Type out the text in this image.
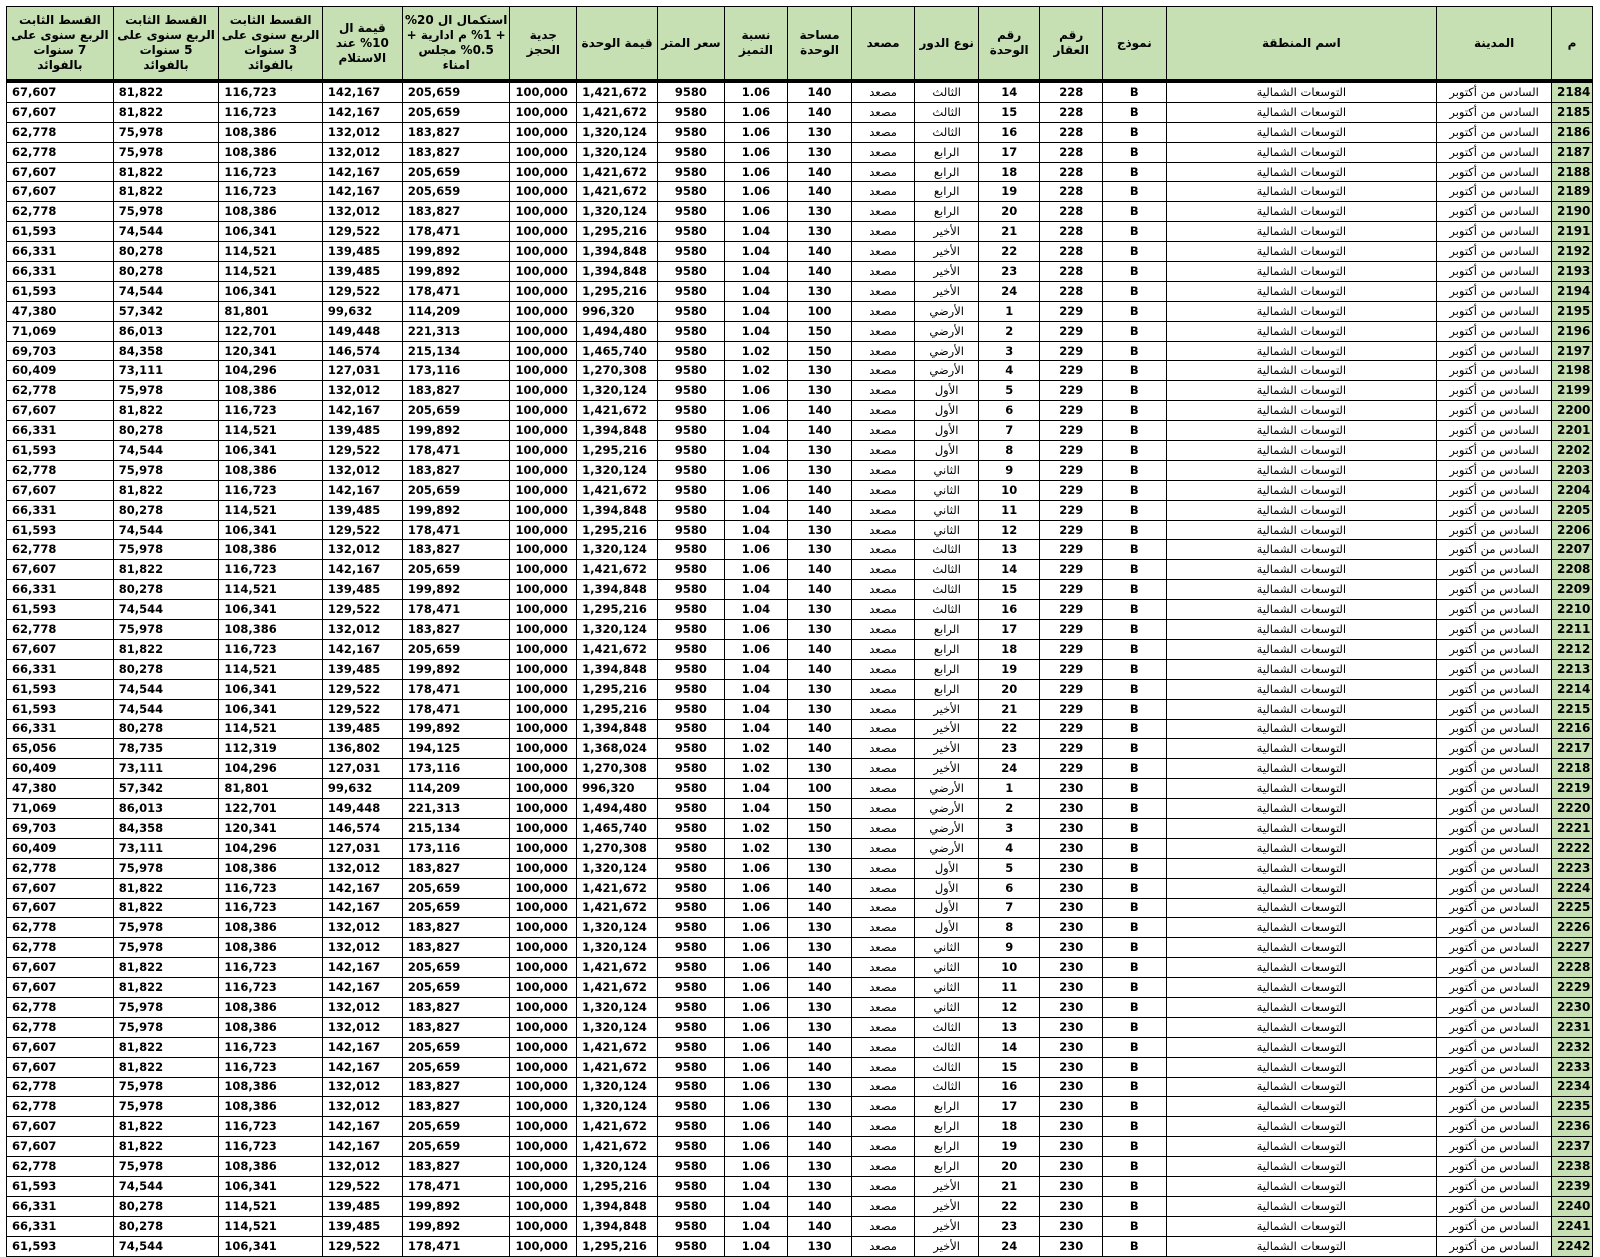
م	المدينة	اسم المنطقة	نموذج	رقم العقار	رقم الوحدة	نوع الدور	مصعد	مساحة الوحدة	نسبة التميز	سعر المتر	قيمة الوحدة	جدية الحجز	استكمال ال 20% + 1% م ادارية + 0.5% مجلس امناء	قيمة ال 10% عند الاستلام	القسط الثابت الربع سنوى على 3 سنوات بالفوائد	القسط الثابت الربع سنوى على 5 سنوات بالفوائد	القسط الثابت الربع سنوى على 7 سنوات بالفوائد
2184	السادس من أكتوبر	التوسعات الشمالية	B	228	14	الثالث	مصعد	140	1.06	9580	1,421,672	100,000	205,659	142,167	116,723	81,822	67,607
2185	السادس من أكتوبر	التوسعات الشمالية	B	228	15	الثالث	مصعد	140	1.06	9580	1,421,672	100,000	205,659	142,167	116,723	81,822	67,607
2186	السادس من أكتوبر	التوسعات الشمالية	B	228	16	الثالث	مصعد	130	1.06	9580	1,320,124	100,000	183,827	132,012	108,386	75,978	62,778
2187	السادس من أكتوبر	التوسعات الشمالية	B	228	17	الرابع	مصعد	130	1.06	9580	1,320,124	100,000	183,827	132,012	108,386	75,978	62,778
2188	السادس من أكتوبر	التوسعات الشمالية	B	228	18	الرابع	مصعد	140	1.06	9580	1,421,672	100,000	205,659	142,167	116,723	81,822	67,607
2189	السادس من أكتوبر	التوسعات الشمالية	B	228	19	الرابع	مصعد	140	1.06	9580	1,421,672	100,000	205,659	142,167	116,723	81,822	67,607
2190	السادس من أكتوبر	التوسعات الشمالية	B	228	20	الرابع	مصعد	130	1.06	9580	1,320,124	100,000	183,827	132,012	108,386	75,978	62,778
2191	السادس من أكتوبر	التوسعات الشمالية	B	228	21	الأخير	مصعد	130	1.04	9580	1,295,216	100,000	178,471	129,522	106,341	74,544	61,593
2192	السادس من أكتوبر	التوسعات الشمالية	B	228	22	الأخير	مصعد	140	1.04	9580	1,394,848	100,000	199,892	139,485	114,521	80,278	66,331
2193	السادس من أكتوبر	التوسعات الشمالية	B	228	23	الأخير	مصعد	140	1.04	9580	1,394,848	100,000	199,892	139,485	114,521	80,278	66,331
2194	السادس من أكتوبر	التوسعات الشمالية	B	228	24	الأخير	مصعد	130	1.04	9580	1,295,216	100,000	178,471	129,522	106,341	74,544	61,593
2195	السادس من أكتوبر	التوسعات الشمالية	B	229	1	الأرضي	مصعد	100	1.04	9580	996,320	100,000	114,209	99,632	81,801	57,342	47,380
2196	السادس من أكتوبر	التوسعات الشمالية	B	229	2	الأرضي	مصعد	150	1.04	9580	1,494,480	100,000	221,313	149,448	122,701	86,013	71,069
2197	السادس من أكتوبر	التوسعات الشمالية	B	229	3	الأرضي	مصعد	150	1.02	9580	1,465,740	100,000	215,134	146,574	120,341	84,358	69,703
2198	السادس من أكتوبر	التوسعات الشمالية	B	229	4	الأرضي	مصعد	130	1.02	9580	1,270,308	100,000	173,116	127,031	104,296	73,111	60,409
2199	السادس من أكتوبر	التوسعات الشمالية	B	229	5	الأول	مصعد	130	1.06	9580	1,320,124	100,000	183,827	132,012	108,386	75,978	62,778
2200	السادس من أكتوبر	التوسعات الشمالية	B	229	6	الأول	مصعد	140	1.06	9580	1,421,672	100,000	205,659	142,167	116,723	81,822	67,607
2201	السادس من أكتوبر	التوسعات الشمالية	B	229	7	الأول	مصعد	140	1.04	9580	1,394,848	100,000	199,892	139,485	114,521	80,278	66,331
2202	السادس من أكتوبر	التوسعات الشمالية	B	229	8	الأول	مصعد	130	1.04	9580	1,295,216	100,000	178,471	129,522	106,341	74,544	61,593
2203	السادس من أكتوبر	التوسعات الشمالية	B	229	9	الثاني	مصعد	130	1.06	9580	1,320,124	100,000	183,827	132,012	108,386	75,978	62,778
2204	السادس من أكتوبر	التوسعات الشمالية	B	229	10	الثاني	مصعد	140	1.06	9580	1,421,672	100,000	205,659	142,167	116,723	81,822	67,607
2205	السادس من أكتوبر	التوسعات الشمالية	B	229	11	الثاني	مصعد	140	1.04	9580	1,394,848	100,000	199,892	139,485	114,521	80,278	66,331
2206	السادس من أكتوبر	التوسعات الشمالية	B	229	12	الثاني	مصعد	130	1.04	9580	1,295,216	100,000	178,471	129,522	106,341	74,544	61,593
2207	السادس من أكتوبر	التوسعات الشمالية	B	229	13	الثالث	مصعد	130	1.06	9580	1,320,124	100,000	183,827	132,012	108,386	75,978	62,778
2208	السادس من أكتوبر	التوسعات الشمالية	B	229	14	الثالث	مصعد	140	1.06	9580	1,421,672	100,000	205,659	142,167	116,723	81,822	67,607
2209	السادس من أكتوبر	التوسعات الشمالية	B	229	15	الثالث	مصعد	140	1.04	9580	1,394,848	100,000	199,892	139,485	114,521	80,278	66,331
2210	السادس من أكتوبر	التوسعات الشمالية	B	229	16	الثالث	مصعد	130	1.04	9580	1,295,216	100,000	178,471	129,522	106,341	74,544	61,593
2211	السادس من أكتوبر	التوسعات الشمالية	B	229	17	الرابع	مصعد	130	1.06	9580	1,320,124	100,000	183,827	132,012	108,386	75,978	62,778
2212	السادس من أكتوبر	التوسعات الشمالية	B	229	18	الرابع	مصعد	140	1.06	9580	1,421,672	100,000	205,659	142,167	116,723	81,822	67,607
2213	السادس من أكتوبر	التوسعات الشمالية	B	229	19	الرابع	مصعد	140	1.04	9580	1,394,848	100,000	199,892	139,485	114,521	80,278	66,331
2214	السادس من أكتوبر	التوسعات الشمالية	B	229	20	الرابع	مصعد	130	1.04	9580	1,295,216	100,000	178,471	129,522	106,341	74,544	61,593
2215	السادس من أكتوبر	التوسعات الشمالية	B	229	21	الأخير	مصعد	130	1.04	9580	1,295,216	100,000	178,471	129,522	106,341	74,544	61,593
2216	السادس من أكتوبر	التوسعات الشمالية	B	229	22	الأخير	مصعد	140	1.04	9580	1,394,848	100,000	199,892	139,485	114,521	80,278	66,331
2217	السادس من أكتوبر	التوسعات الشمالية	B	229	23	الأخير	مصعد	140	1.02	9580	1,368,024	100,000	194,125	136,802	112,319	78,735	65,056
2218	السادس من أكتوبر	التوسعات الشمالية	B	229	24	الأخير	مصعد	130	1.02	9580	1,270,308	100,000	173,116	127,031	104,296	73,111	60,409
2219	السادس من أكتوبر	التوسعات الشمالية	B	230	1	الأرضي	مصعد	100	1.04	9580	996,320	100,000	114,209	99,632	81,801	57,342	47,380
2220	السادس من أكتوبر	التوسعات الشمالية	B	230	2	الأرضي	مصعد	150	1.04	9580	1,494,480	100,000	221,313	149,448	122,701	86,013	71,069
2221	السادس من أكتوبر	التوسعات الشمالية	B	230	3	الأرضي	مصعد	150	1.02	9580	1,465,740	100,000	215,134	146,574	120,341	84,358	69,703
2222	السادس من أكتوبر	التوسعات الشمالية	B	230	4	الأرضي	مصعد	130	1.02	9580	1,270,308	100,000	173,116	127,031	104,296	73,111	60,409
2223	السادس من أكتوبر	التوسعات الشمالية	B	230	5	الأول	مصعد	130	1.06	9580	1,320,124	100,000	183,827	132,012	108,386	75,978	62,778
2224	السادس من أكتوبر	التوسعات الشمالية	B	230	6	الأول	مصعد	140	1.06	9580	1,421,672	100,000	205,659	142,167	116,723	81,822	67,607
2225	السادس من أكتوبر	التوسعات الشمالية	B	230	7	الأول	مصعد	140	1.06	9580	1,421,672	100,000	205,659	142,167	116,723	81,822	67,607
2226	السادس من أكتوبر	التوسعات الشمالية	B	230	8	الأول	مصعد	130	1.06	9580	1,320,124	100,000	183,827	132,012	108,386	75,978	62,778
2227	السادس من أكتوبر	التوسعات الشمالية	B	230	9	الثاني	مصعد	130	1.06	9580	1,320,124	100,000	183,827	132,012	108,386	75,978	62,778
2228	السادس من أكتوبر	التوسعات الشمالية	B	230	10	الثاني	مصعد	140	1.06	9580	1,421,672	100,000	205,659	142,167	116,723	81,822	67,607
2229	السادس من أكتوبر	التوسعات الشمالية	B	230	11	الثاني	مصعد	140	1.06	9580	1,421,672	100,000	205,659	142,167	116,723	81,822	67,607
2230	السادس من أكتوبر	التوسعات الشمالية	B	230	12	الثاني	مصعد	130	1.06	9580	1,320,124	100,000	183,827	132,012	108,386	75,978	62,778
2231	السادس من أكتوبر	التوسعات الشمالية	B	230	13	الثالث	مصعد	130	1.06	9580	1,320,124	100,000	183,827	132,012	108,386	75,978	62,778
2232	السادس من أكتوبر	التوسعات الشمالية	B	230	14	الثالث	مصعد	140	1.06	9580	1,421,672	100,000	205,659	142,167	116,723	81,822	67,607
2233	السادس من أكتوبر	التوسعات الشمالية	B	230	15	الثالث	مصعد	140	1.06	9580	1,421,672	100,000	205,659	142,167	116,723	81,822	67,607
2234	السادس من أكتوبر	التوسعات الشمالية	B	230	16	الثالث	مصعد	130	1.06	9580	1,320,124	100,000	183,827	132,012	108,386	75,978	62,778
2235	السادس من أكتوبر	التوسعات الشمالية	B	230	17	الرابع	مصعد	130	1.06	9580	1,320,124	100,000	183,827	132,012	108,386	75,978	62,778
2236	السادس من أكتوبر	التوسعات الشمالية	B	230	18	الرابع	مصعد	140	1.06	9580	1,421,672	100,000	205,659	142,167	116,723	81,822	67,607
2237	السادس من أكتوبر	التوسعات الشمالية	B	230	19	الرابع	مصعد	140	1.06	9580	1,421,672	100,000	205,659	142,167	116,723	81,822	67,607
2238	السادس من أكتوبر	التوسعات الشمالية	B	230	20	الرابع	مصعد	130	1.06	9580	1,320,124	100,000	183,827	132,012	108,386	75,978	62,778
2239	السادس من أكتوبر	التوسعات الشمالية	B	230	21	الأخير	مصعد	130	1.04	9580	1,295,216	100,000	178,471	129,522	106,341	74,544	61,593
2240	السادس من أكتوبر	التوسعات الشمالية	B	230	22	الأخير	مصعد	140	1.04	9580	1,394,848	100,000	199,892	139,485	114,521	80,278	66,331
2241	السادس من أكتوبر	التوسعات الشمالية	B	230	23	الأخير	مصعد	140	1.04	9580	1,394,848	100,000	199,892	139,485	114,521	80,278	66,331
2242	السادس من أكتوبر	التوسعات الشمالية	B	230	24	الأخير	مصعد	130	1.04	9580	1,295,216	100,000	178,471	129,522	106,341	74,544	61,593
